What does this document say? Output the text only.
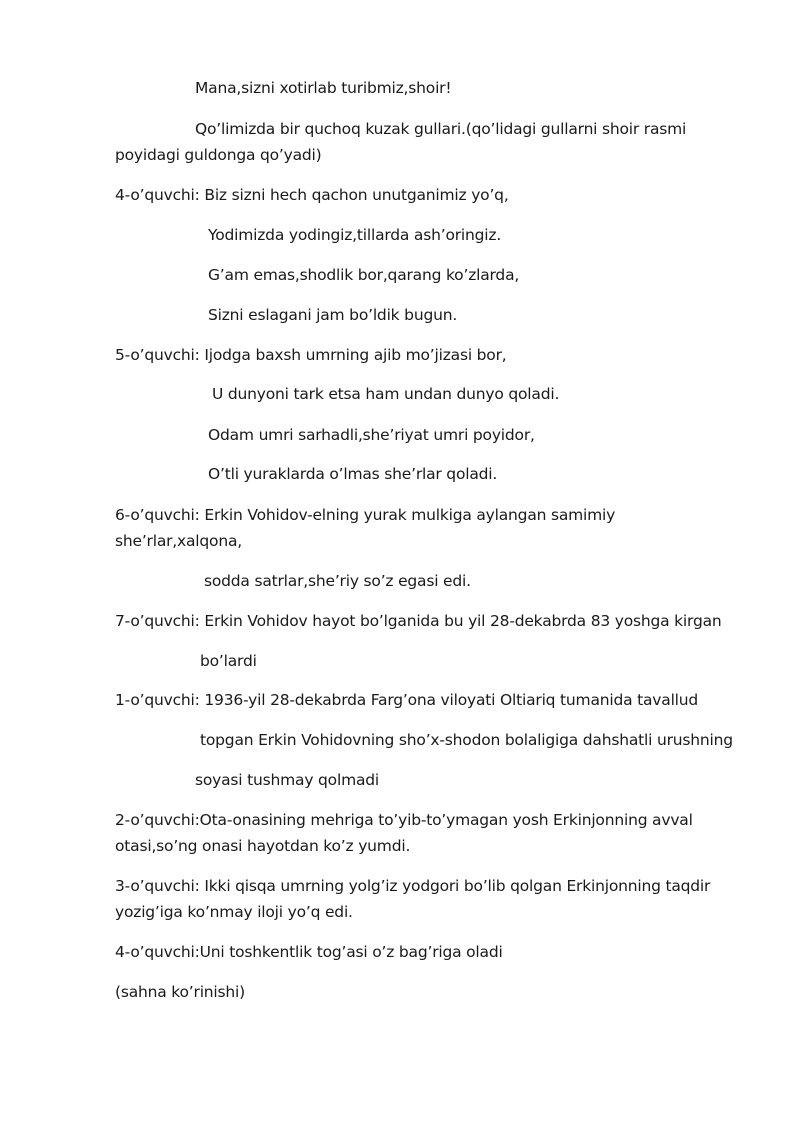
Mana,sizni xotirlab turibmiz,shoir!
Qo’limizda bir quchoq kuzak gullari.(qo’lidagi gullarni shoir rasmi
poyidagi guldonga qo’yadi)
4-o’quvchi: Biz sizni hech qachon unutganimiz yo’q,
Yodimizda yodingiz,tillarda ash’oringiz.
G’am emas,shodlik bor,qarang ko’zlarda,
Sizni eslagani jam bo’ldik bugun.
5-o’quvchi: Ijodga baxsh umrning ajib mo’jizasi bor,
U dunyoni tark etsa ham undan dunyo qoladi.
Odam umri sarhadli,she’riyat umri poyidor,
O’tli yuraklarda o’lmas she’rlar qoladi.
6-o’quvchi: Erkin Vohidov-elning yurak mulkiga aylangan samimiy
she’rlar,xalqona,
sodda satrlar,she’riy so’z egasi edi.
7-o’quvchi: Erkin Vohidov hayot bo’lganida bu yil 28-dekabrda 83 yoshga kirgan
bo’lardi
1-o’quvchi: 1936-yil 28-dekabrda Farg’ona viloyati Oltiariq tumanida tavallud
topgan Erkin Vohidovning sho’x-shodon bolaligiga dahshatli urushning
soyasi tushmay qolmadi
2-o’quvchi:Ota-onasining mehriga to’yib-to’ymagan yosh Erkinjonning avval
otasi,so’ng onasi hayotdan ko’z yumdi.
3-o’quvchi: Ikki qisqa umrning yolg’iz yodgori bo’lib qolgan Erkinjonning taqdir
yozig’iga ko’nmay iloji yo’q edi.
4-o’quvchi:Uni toshkentlik tog’asi o’z bag’riga oladi
(sahna ko’rinishi)
